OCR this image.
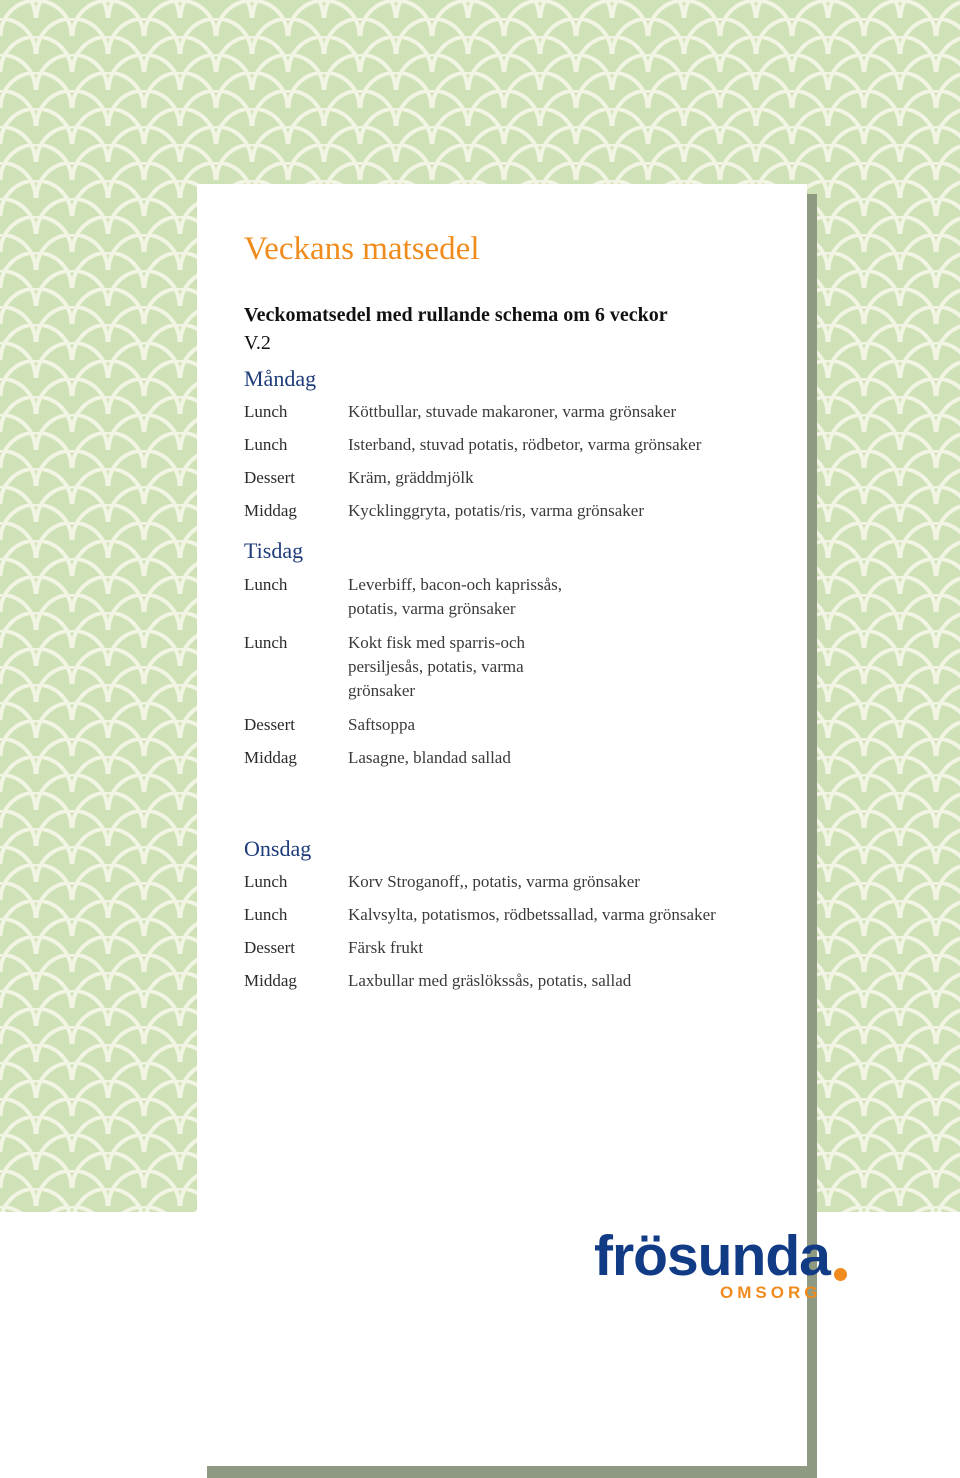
Veckans matsedel
Veckomatsedel med rullande schema om 6 veckor
V.2
Måndag
Lunch	Köttbullar, stuvade makaroner, varma grönsaker
Lunch	Isterband, stuvad potatis, rödbetor, varma grönsaker
Dessert	Kräm, gräddmjölk
Middag	Kycklinggryta, potatis/ris, varma grönsaker
Tisdag
Lunch	Leverbiff, bacon-och kaprissås, potatis, varma grönsaker
Lunch	Kokt fisk med sparris-och persiljesås, potatis, varma grönsaker
Dessert	Saftsoppa
Middag	Lasagne, blandad sallad
Onsdag
Lunch	Korv Stroganoff,, potatis, varma grönsaker
Lunch	Kalvsylta, potatismos, rödbetssallad, varma grönsaker
Dessert	Färsk frukt
Middag	Laxbullar med gräslökssås, potatis, sallad
frösunda
OMSORG
